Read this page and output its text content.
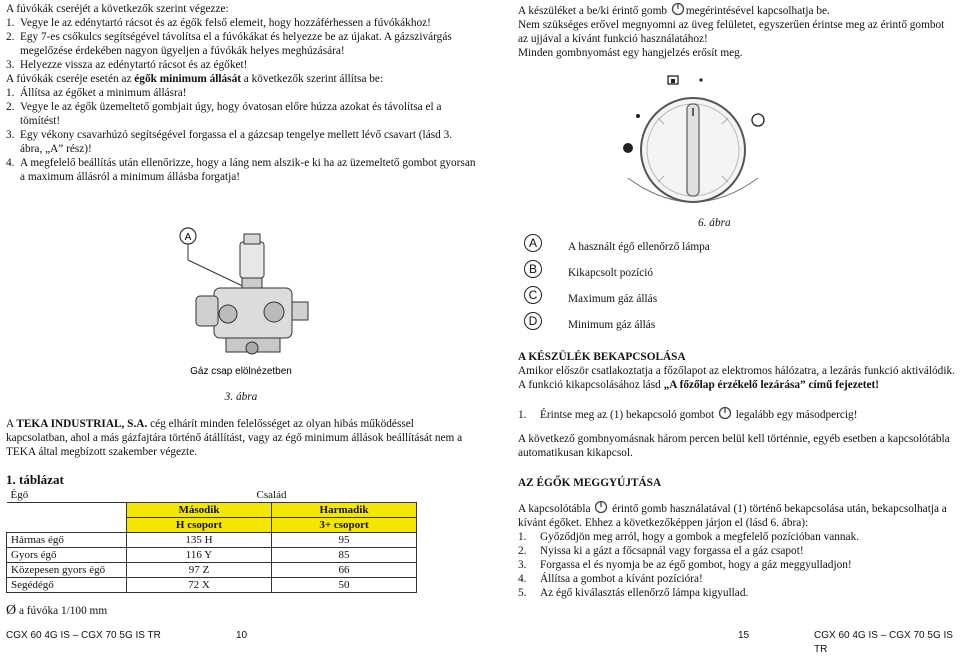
A fúvókák cseréjét a következők szerint végezze:

1. Vegye le az edénytartó rácsot és az égők felső elemeit, hogy hozzáférhessen a fúvókákhoz!

2. Egy 7-es csőkulcs segítségével távolítsa el a fúvókákat és helyezze be az újakat. A gázszivárgás megelőzése érdekében nagyon ügyeljen a fúvókák helyes meghúzására!

3. Helyezze vissza az edénytartó rácsot és az égőket!

A fúvókák cseréje esetén az égők minimum állását a következők szerint állítsa be:

1. Állítsa az égőket a minimum állásra!

2. Vegye le az égők üzemeltető gombjait úgy, hogy óvatosan előre húzza azokat és távolítsa el a tömítést!

3. Egy vékony csavarhúzó segítségével forgassa el a gázcsap tengelye mellett lévő csavart (lásd 3. ábra, „A” rész)!

4. A megfelelő beállítás után ellenőrizze, hogy a láng nem alszik-e ki ha az üzemeltető gombot gyorsan a maximum állásról a minimum állásba forgatja!

A
Gáz csap elölnézetben

3. ábra

A TEKA INDUSTRIAL, S.A. cég elhárít minden felelősséget az olyan hibás működéssel kapcsolatban, ahol a más gázfajtára történő átállítást, vagy az égő minimum állások beállítását nem a TEKA által megbízott szakember végezte.

1. táblázat

Égő	Család	
	Második	Harmadik
	H csoport	3+ csoport
Hármas égő	135 H	95
Gyors égő	116 Y	85
Közepesen gyors égő	97 Z	66
Segédégő	72 X	50

Ø a fúvóka 1/100 mm

CGX 60 4G IS – CGX 70 5G IS TR	10

A készüléket a be/ki érintő gomb megérintésével kapcsolhatja be.

Nem szükséges erővel megnyomni az üveg felületet, egyszerűen érintse meg az érintő gombot az ujjával a kívánt funkció használatához!

Minden gombnyomást egy hangjelzés erősít meg.

6. ábra

A	A használt égő ellenőrző lámpa
B	Kikapcsolt pozíció
C	Maximum gáz állás
D	Minimum gáz állás

A KÉSZÜLÉK BEKAPCSOLÁSA

Amikor először csatlakoztatja a főzőlapot az elektromos hálózatra, a lezárás funkció aktiválódik. A funkció kikapcsolásához lásd „A főzőlap érzékelő lezárása” című fejezetet!

1. Érintse meg az (1) bekapcsoló gombot  legalább egy másodpercig!

A következő gombnyomásnak három percen belül kell történnie, egyéb esetben a kapcsolótábla automatikusan kikapcsol.

AZ ÉGŐK MEGGYÚJTÁSA

A kapcsolótábla  érintő gomb használatával (1) történő bekapcsolása után, bekapcsolhatja a kívánt égőket. Ehhez a következőképpen járjon el (lásd 6. ábra):

1. Győződjön meg arról, hogy a gombok a megfelelő pozícióban vannak.

2. Nyissa ki a gázt a főcsapnál vagy forgassa el a gáz csapot!

3. Forgassa el és nyomja be az égő gombot, hogy a gáz meggyulladjon!

4. Állítsa a gombot a kívánt pozícióra!

5. Az égő kiválasztás ellenőrző lámpa kigyullad.

15	CGX 60 4G IS – CGX 70 5G IS TR
